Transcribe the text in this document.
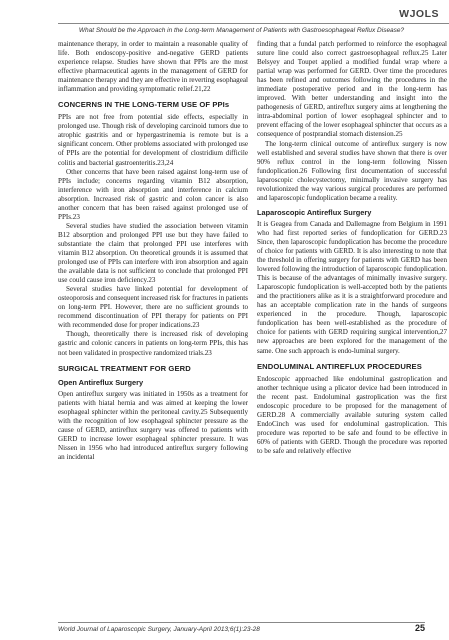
WJOLS
What Should be the Approach in the Long-term Management of Patients with Gastroesophageal Reflux Disease?

maintenance therapy, in order to maintain a reasonable quality of life. Both endoscopy-positive and-negative GERD patients experience relapse. Studies have shown that PPIs are the most effective pharmaceutical agents in the management of GERD for maintenance therapy and they are effective in reverting esophageal inflammation and providing symptomatic relief.21,22

CONCERNS IN THE LONG-TERM USE OF PPIs

PPIs are not free from potential side effects, especially in prolonged use. Though risk of developing carcinoid tumors due to atrophic gastritis and or hypergastrinemia is remote but is a significant concern. Other problems associated with prolonged use of PPIs are the potential for development of clostridium difficile colitis and bacterial gastroenteritis.23,24

Other concerns that have been raised against long-term use of PPIs include; concerns regarding vitamin B12 absorption, interference with iron absorption and interference in calcium absorption. Increased risk of gastric and colon cancer is also another concern that has been raised against prolonged use of PPIs.23

Several studies have studied the association between vitamin B12 absorption and prolonged PPI use but they have failed to substantiate the claim that prolonged PPI use interferes with vitamin B12 absorption. On theoretical grounds it is assumed that prolonged use of PPIs can interfere with iron absorption and again the available data is not sufficient to conclude that prolonged PPI use could cause iron deficiency.23

Several studies have linked potential for development of osteoporosis and consequent increased risk for fractures in patients on long-term PPI. However, there are no sufficient grounds to recommend discontinuation of PPI therapy for patients on PPI with recommended dose for proper indications.23

Though, theoretically there is increased risk of developing gastric and colonic cancers in patients on long-term PPIs, this has not been validated in prospective randomized trials.23

SURGICAL TREATMENT FOR GERD
Open Antireflux Surgery

Open antireflux surgery was initiated in 1950s as a treatment for patients with hiatal hernia and was aimed at keeping the lower esophageal sphincter within the peritoneal cavity.25 Subsequently with the recognition of low esophageal sphincter pressure as the cause of GERD, antireflux surgery was offered to patients with GERD to increase lower esophageal sphincter pressure. It was Nissen in 1956 who had introduced antireflux surgery following an incidental

finding that a fundal patch performed to reinforce the esophageal suture line could also correct gastroesophageal reflux.25 Later Belsyey and Toupet applied a modified fundal wrap where a partial wrap was performed for GERD. Over time the procedures has been refined and outcomes following the procedures in the immediate postoperative period and in the long-term has improved. With better understanding and insight into the pathogenesis of GERD, antireflux surgery aims at lengthening the intra-abdominal portion of lower esophageal sphincter and to prevent effacing of the lower esophageal sphincter that occurs as a consequence of postprandial stomach distension.25

The long-term clinical outcome of antireflux surgery is now well established and several studies have shown that there is over 90% reflux control in the long-term following Nissen fundoplication.26 Following first documentation of successful laparoscopic cholecystectomy, minimally invasive surgery has revolutionized the way various surgical procedures are performed and laparoscopic fundoplication became a reality.

Laparoscopic Antireflux Surgery

It is Geagea from Canada and Dallemagne from Belgium in 1991 who had first reported series of fundoplication for GERD.23 Since, then laparoscopic fundoplication has become the procedure of choice for patients with GERD. It is also interesting to note that the threshold in offering surgery for patients with GERD has been lowered following the introduction of laparoscopic fundoplication. This is because of the advantages of minimally invasive surgery. Laparoscopic fundoplication is well-accepted both by the patients and the practitioners alike as it is a straightforward procedure and has an acceptable complication rate in the hands of surgeons experienced in the procedure. Though, laparoscopic fundoplication has been well-established as the procedure of choice for patients with GERD requiring surgical intervention,27 new approaches are been explored for the management of the same. One such approach is endo-luminal surgery.

ENDOLUMINAL ANTIREFLUX PROCEDURES

Endoscopic approached like endoluminal gastroplication and another technique using a plicator device had been introduced in the recent past. Endoluminal gastroplication was the first endoscopic procedure to be proposed for the management of GERD.28 A commercially available suturing system called EndoCinch was used for endoluminal gastroplication. This procedure was reported to be safe and found to be effective in 60% of patients with GERD. Though the procedure was reported to be safe and relatively effective

World Journal of Laparoscopic Surgery, January-April 2013;6(1):23-28	25
